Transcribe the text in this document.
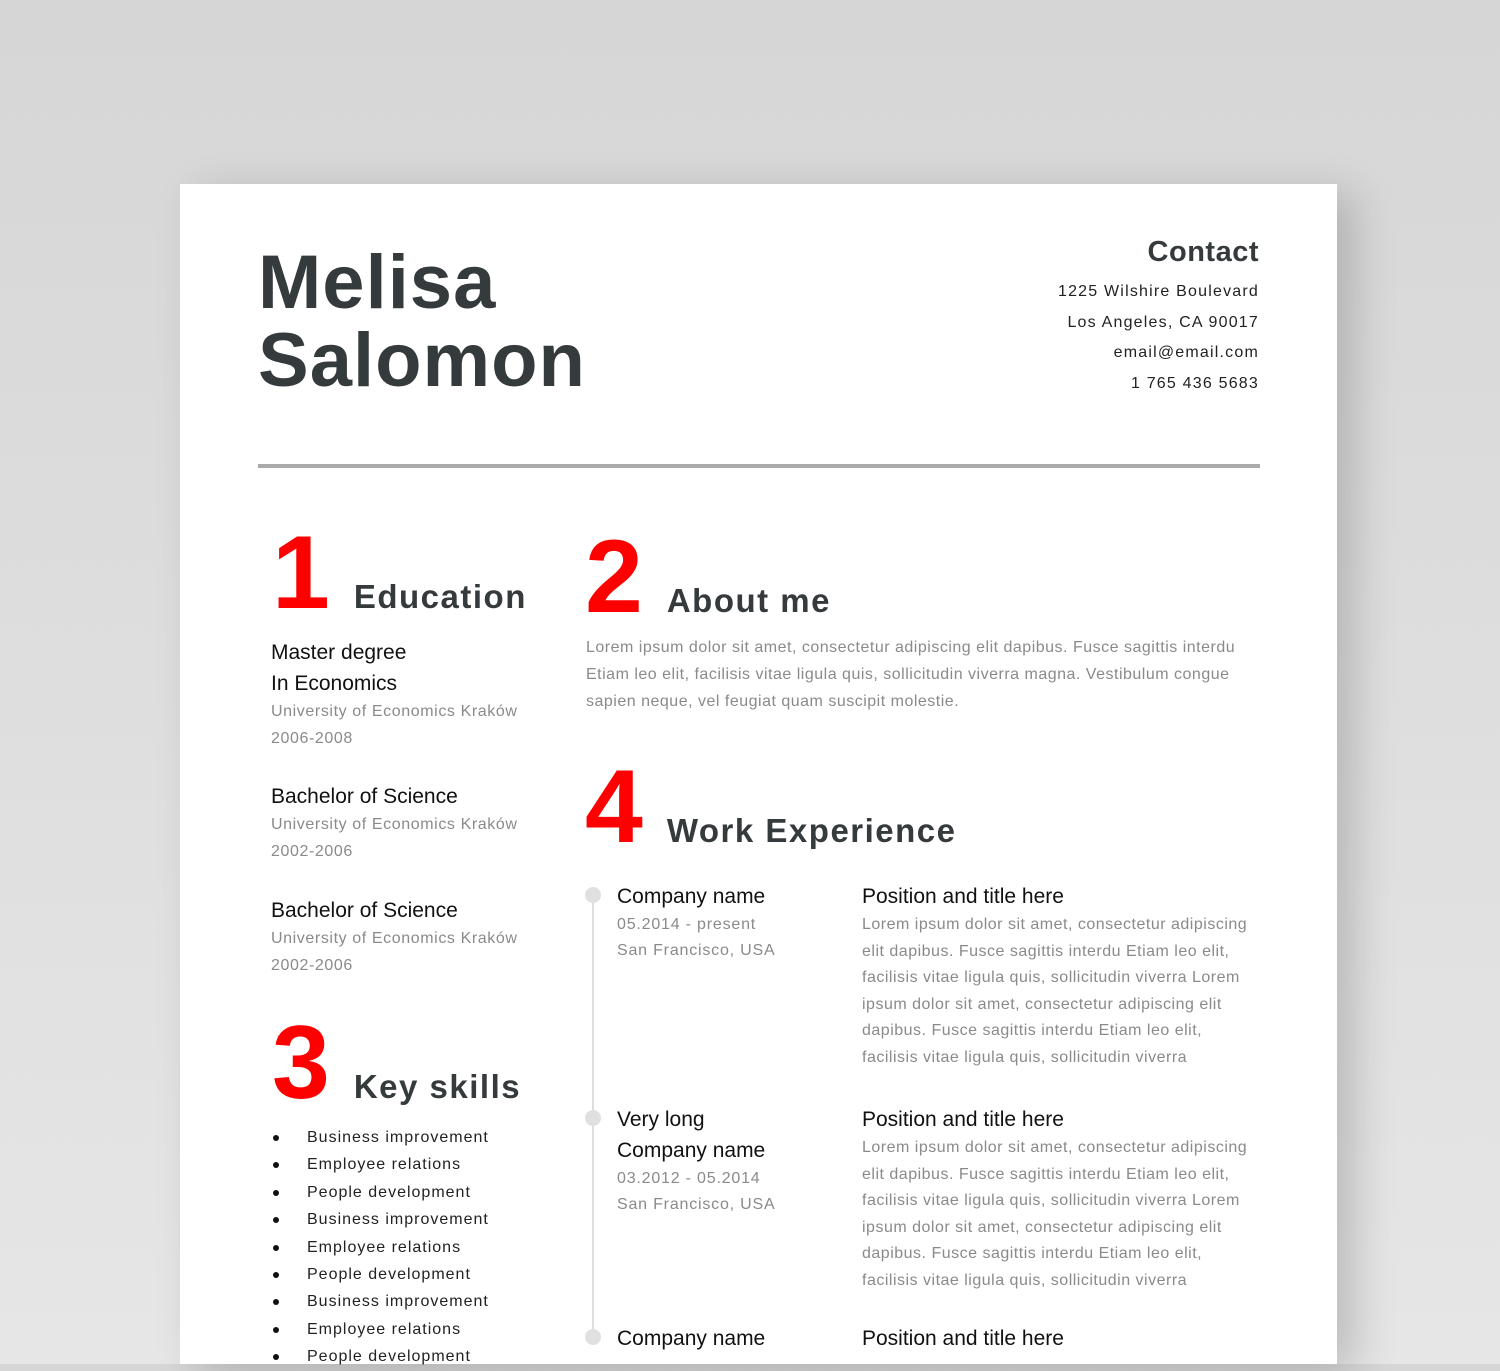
Melisa
Salomon
Contact
1225 Wilshire Boulevard
Los Angeles, CA 90017
email@email.com
1 765 436 5683
1 Education
Master degree
In Economics
University of Economics Kraków
2006-2008
Bachelor of Science
University of Economics Kraków
2002-2006
Bachelor of Science
University of Economics Kraków
2002-2006
3 Key skills
Business improvement
Employee relations
People development
Business improvement
Employee relations
People development
Business improvement
Employee relations
People development
2 About me
Lorem ipsum dolor sit amet, consectetur adipiscing elit dapibus. Fusce sagittis interdu Etiam leo elit, facilisis vitae ligula quis, sollicitudin viverra magna. Vestibulum congue sapien neque, vel feugiat quam suscipit molestie.
4 Work Experience
Company name
05.2014 - present
San Francisco, USA
Position and title here
Lorem ipsum dolor sit amet, consectetur adipiscing elit dapibus. Fusce sagittis interdu Etiam leo elit, facilisis vitae ligula quis, sollicitudin viverra Lorem ipsum dolor sit amet, consectetur adipiscing elit dapibus. Fusce sagittis interdu Etiam leo elit, facilisis vitae ligula quis, sollicitudin viverra
Very long
Company name
03.2012 - 05.2014
San Francisco, USA
Position and title here
Lorem ipsum dolor sit amet, consectetur adipiscing elit dapibus. Fusce sagittis interdu Etiam leo elit, facilisis vitae ligula quis, sollicitudin viverra Lorem ipsum dolor sit amet, consectetur adipiscing elit dapibus. Fusce sagittis interdu Etiam leo elit, facilisis vitae ligula quis, sollicitudin viverra
Company name	Position and title here
